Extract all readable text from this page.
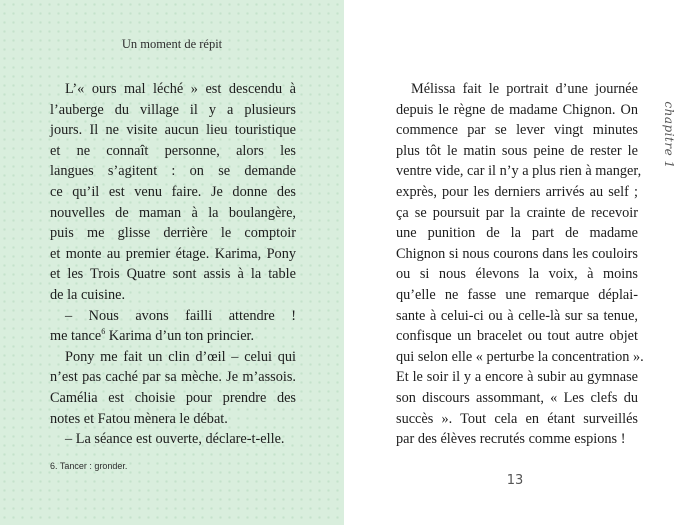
Un moment de répit
L’« ours mal léché » est descendu à
l’auberge du village il y a plusieurs
jours. Il ne visite aucun lieu touristique
et ne connaît personne, alors les
langues s’agitent : on se demande
ce qu’il est venu faire. Je donne des
nouvelles de maman à la boulangère,
puis me glisse derrière le comptoir
et monte au premier étage. Karima, Pony
et les Trois Quatre sont assis à la table
de la cuisine.
– Nous avons failli attendre !
me tance$^6$ Karima d’un ton princier.
Pony me fait un clin d’œil – celui qui
n’est pas caché par sa mèche. Je m’assois.
Camélia est choisie pour prendre des
notes et Fatou mènera le débat.
– La séance est ouverte, déclare-t-elle.
6. Tancer : gronder.
Mélissa fait le portrait d’une journée
depuis le règne de madame Chignon. On
commence par se lever vingt minutes
plus tôt le matin sous peine de rester le
ventre vide, car il n’y a plus rien à manger,
exprès, pour les derniers arrivés au self ;
ça se poursuit par la crainte de recevoir
une punition de la part de madame
Chignon si nous courons dans les couloirs
ou si nous élevons la voix, à moins
qu’elle ne fasse une remarque déplai-
sante à celui-ci ou à celle-là sur sa tenue,
confisque un bracelet ou tout autre objet
qui selon elle « perturbe la concentration ».
Et le soir il y a encore à subir au gymnase
son discours assommant, « Les clefs du
succès ». Tout cela en étant surveillés
par des élèves recrutés comme espions !
chapitre 1
13
